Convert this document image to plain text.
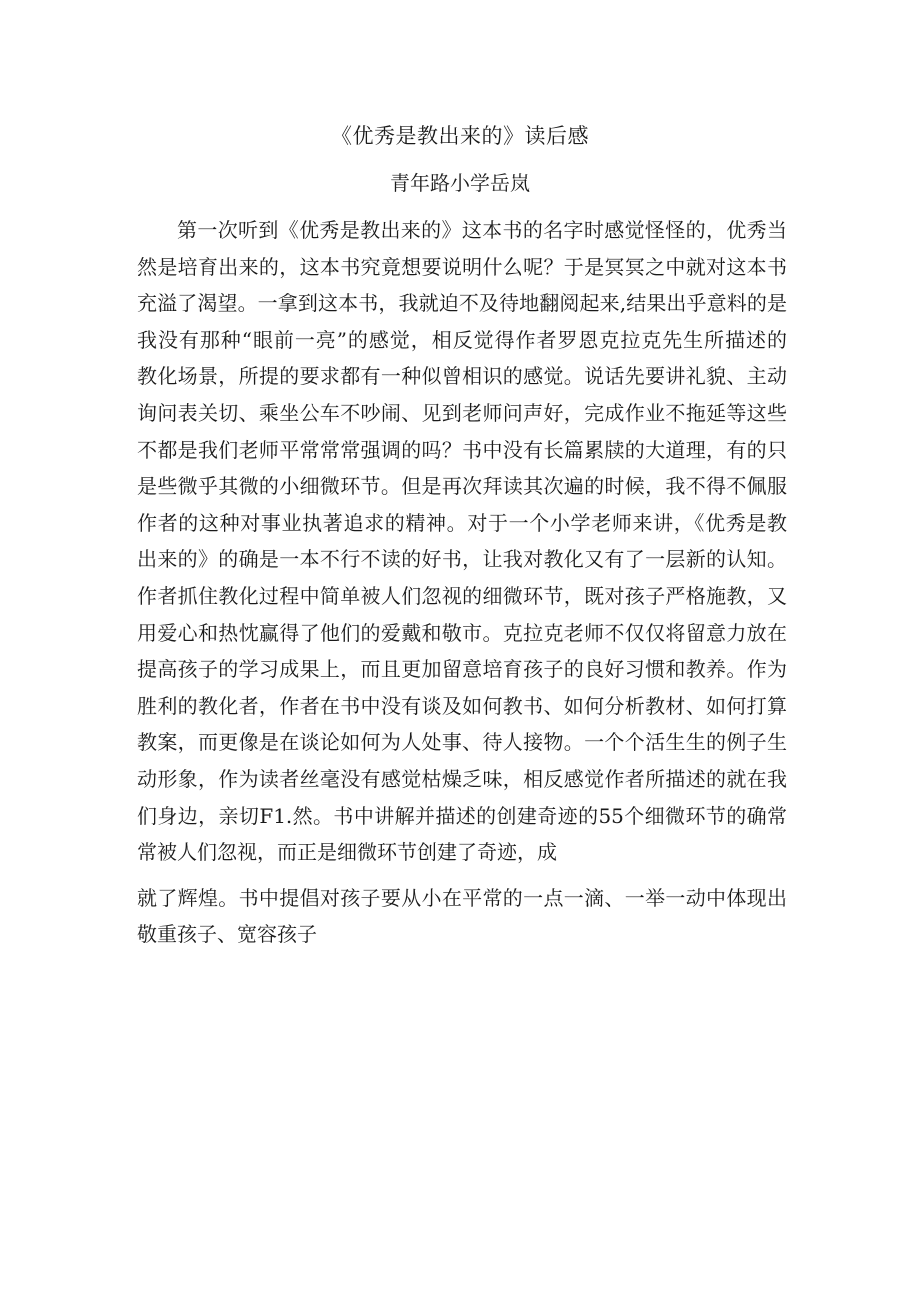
《优秀是教出来的》读后感
青年路小学岳岚
第一次听到《优秀是教出来的》这本书的名字时感觉怪怪的，优秀当
然是培育出来的，这本书究竟想要说明什么呢？于是冥冥之中就对这本书
充溢了渴望。一拿到这本书，我就迫不及待地翻阅起来,结果出乎意料的是
我没有那种“眼前一亮”的感觉，相反觉得作者罗恩克拉克先生所描述的
教化场景，所提的要求都有一种似曾相识的感觉。说话先要讲礼貌、主动
询问表关切、乘坐公车不吵闹、见到老师问声好，完成作业不拖延等这些
不都是我们老师平常常常强调的吗？书中没有长篇累牍的大道理，有的只
是些微乎其微的小细微环节。但是再次拜读其次遍的时候，我不得不佩服
作者的这种对事业执著追求的精神。对于一个小学老师来讲，《优秀是教
出来的》的确是一本不行不读的好书，让我对教化又有了一层新的认知。
作者抓住教化过程中简单被人们忽视的细微环节，既对孩子严格施教，又
用爱心和热忱赢得了他们的爱戴和敬市。克拉克老师不仅仅将留意力放在
提高孩子的学习成果上，而且更加留意培育孩子的良好习惯和教养。作为
胜利的教化者，作者在书中没有谈及如何教书、如何分析教材、如何打算
教案，而更像是在谈论如何为人处事、待人接物。一个个活生生的例子生
动形象，作为读者丝毫没有感觉枯燥乏味，相反感觉作者所描述的就在我
们身边，亲切F1.然。书中讲解并描述的创建奇迹的55个细微环节的确常
常被人们忽视，而正是细微环节创建了奇迹，成
就了辉煌。书中提倡对孩子要从小在平常的一点一滴、一举一动中体现出
敬重孩子、宽容孩子
